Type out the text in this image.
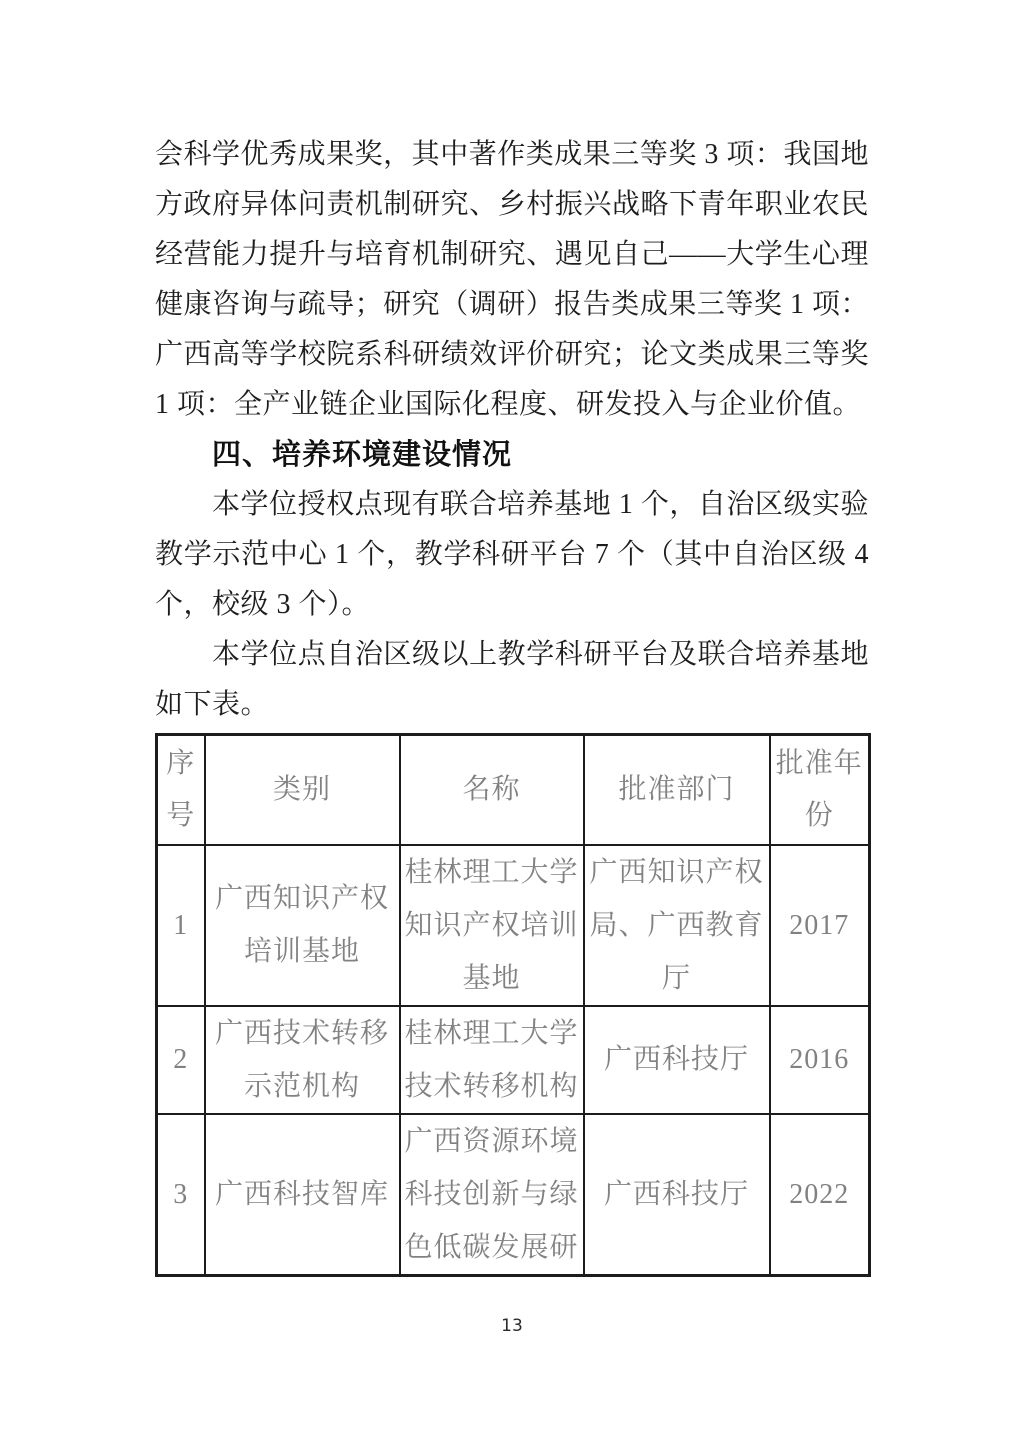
会科学优秀成果奖，其中著作类成果三等奖 3 项：我国地方政府异体问责机制研究、乡村振兴战略下青年职业农民经营能力提升与培育机制研究、遇见自己——大学生心理健康咨询与疏导；研究（调研）报告类成果三等奖 1 项：广西高等学校院系科研绩效评价研究；论文类成果三等奖 1 项：全产业链企业国际化程度、研发投入与企业价值。

四、培养环境建设情况

本学位授权点现有联合培养基地 1 个，自治区级实验教学示范中心 1 个，教学科研平台 7 个（其中自治区级 4 个，校级 3 个）。

本学位点自治区级以上教学科研平台及联合培养基地如下表。

序号	类别	名称	批准部门	批准年份
1	广西知识产权培训基地	桂林理工大学知识产权培训基地	广西知识产权局、广西教育厅	2017
2	广西技术转移示范机构	桂林理工大学技术转移机构	广西科技厅	2016
3	广西科技智库	广西资源环境科技创新与绿色低碳发展研	广西科技厅	2022
13
